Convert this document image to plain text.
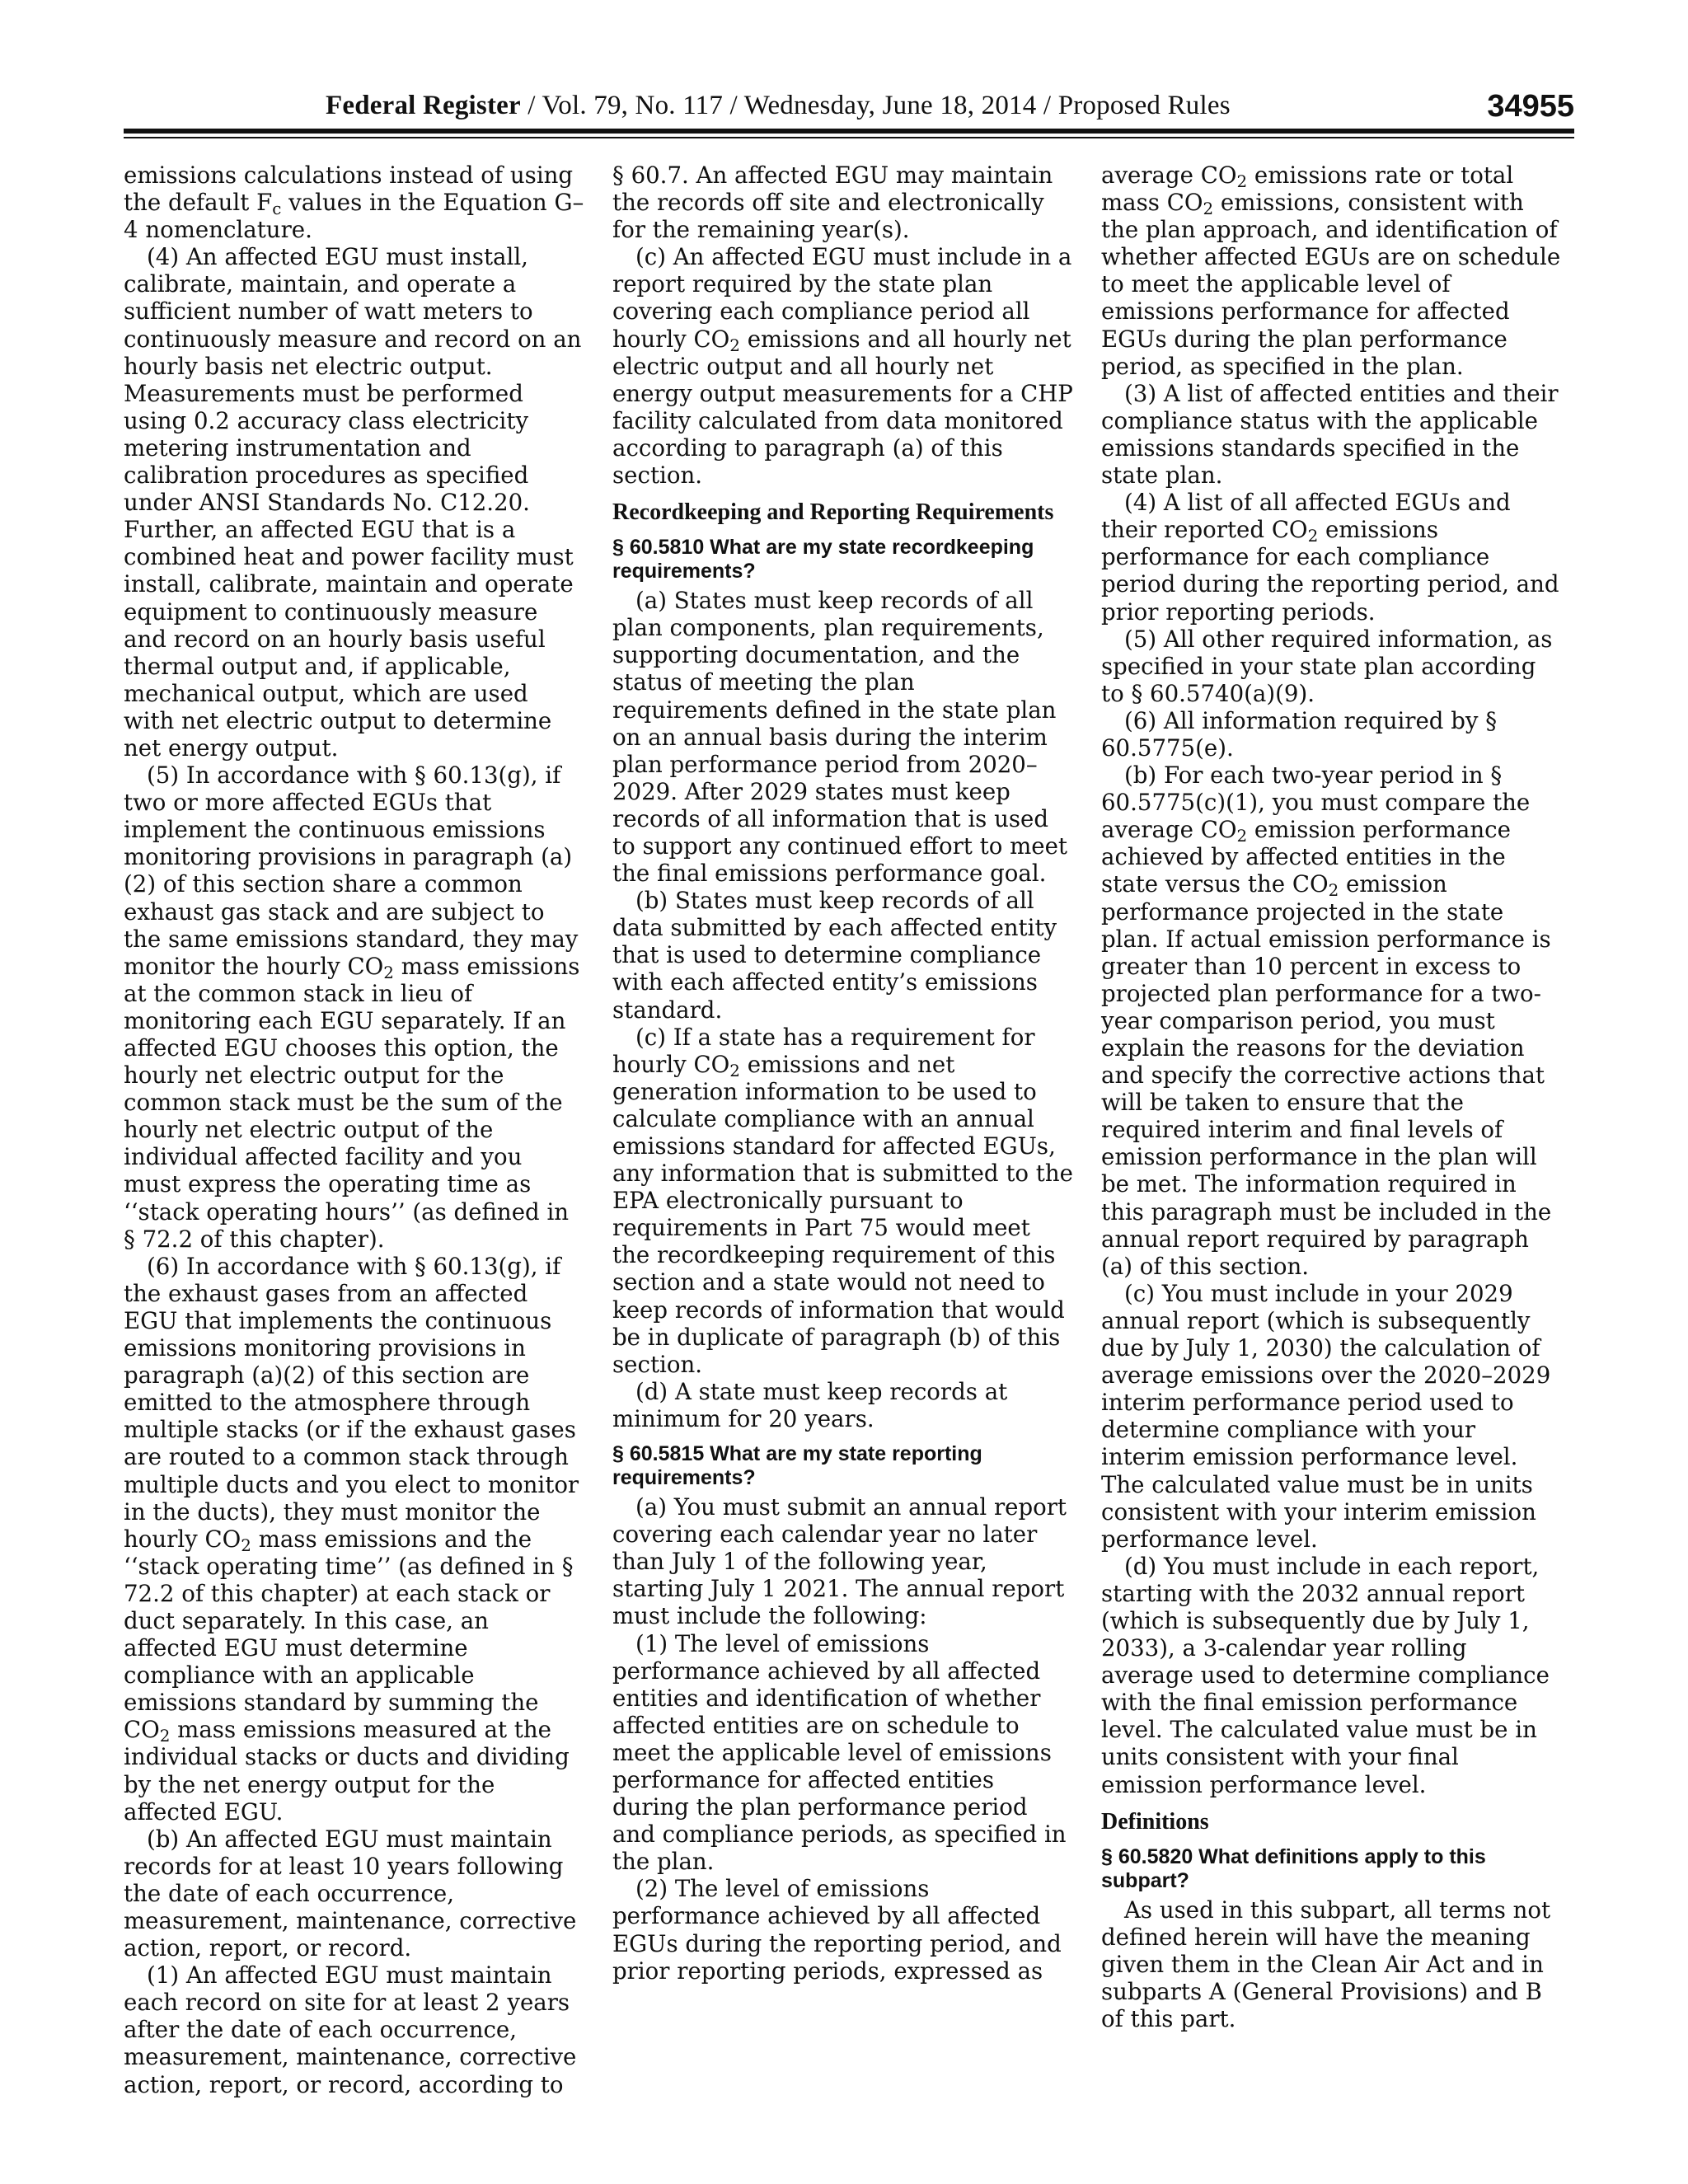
Federal Register / Vol. 79, No. 117 / Wednesday, June 18, 2014 / Proposed Rules	34955

emissions calculations instead of using the default $F_c$ values in the Equation G–4 nomenclature.

(4) An affected EGU must install, calibrate, maintain, and operate a sufficient number of watt meters to continuously measure and record on an hourly basis net electric output. Measurements must be performed using 0.2 accuracy class electricity metering instrumentation and calibration procedures as specified under ANSI Standards No. C12.20. Further, an affected EGU that is a combined heat and power facility must install, calibrate, maintain and operate equipment to continuously measure and record on an hourly basis useful thermal output and, if applicable, mechanical output, which are used with net electric output to determine net energy output.

(5) In accordance with § 60.13(g), if two or more affected EGUs that implement the continuous emissions monitoring provisions in paragraph (a)(2) of this section share a common exhaust gas stack and are subject to the same emissions standard, they may monitor the hourly $CO_2$ mass emissions at the common stack in lieu of monitoring each EGU separately. If an affected EGU chooses this option, the hourly net electric output for the common stack must be the sum of the hourly net electric output of the individual affected facility and you must express the operating time as ‘‘stack operating hours’’ (as defined in § 72.2 of this chapter).

(6) In accordance with § 60.13(g), if the exhaust gases from an affected EGU that implements the continuous emissions monitoring provisions in paragraph (a)(2) of this section are emitted to the atmosphere through multiple stacks (or if the exhaust gases are routed to a common stack through multiple ducts and you elect to monitor in the ducts), they must monitor the hourly $CO_2$ mass emissions and the ‘‘stack operating time’’ (as defined in § 72.2 of this chapter) at each stack or duct separately. In this case, an affected EGU must determine compliance with an applicable emissions standard by summing the $CO_2$ mass emissions measured at the individual stacks or ducts and dividing by the net energy output for the affected EGU.

(b) An affected EGU must maintain records for at least 10 years following the date of each occurrence, measurement, maintenance, corrective action, report, or record.

(1) An affected EGU must maintain each record on site for at least 2 years after the date of each occurrence, measurement, maintenance, corrective action, report, or record, according to

§ 60.7. An affected EGU may maintain the records off site and electronically for the remaining year(s).

(c) An affected EGU must include in a report required by the state plan covering each compliance period all hourly $CO_2$ emissions and all hourly net electric output and all hourly net energy output measurements for a CHP facility calculated from data monitored according to paragraph (a) of this section.

Recordkeeping and Reporting Requirements
§ 60.5810 What are my state recordkeeping requirements?

(a) States must keep records of all plan components, plan requirements, supporting documentation, and the status of meeting the plan requirements defined in the state plan on an annual basis during the interim plan performance period from 2020–2029. After 2029 states must keep records of all information that is used to support any continued effort to meet the final emissions performance goal.

(b) States must keep records of all data submitted by each affected entity that is used to determine compliance with each affected entity’s emissions standard.

(c) If a state has a requirement for hourly $CO_2$ emissions and net generation information to be used to calculate compliance with an annual emissions standard for affected EGUs, any information that is submitted to the EPA electronically pursuant to requirements in Part 75 would meet the recordkeeping requirement of this section and a state would not need to keep records of information that would be in duplicate of paragraph (b) of this section.

(d) A state must keep records at minimum for 20 years.

§ 60.5815 What are my state reporting requirements?

(a) You must submit an annual report covering each calendar year no later than July 1 of the following year, starting July 1 2021. The annual report must include the following:

(1) The level of emissions performance achieved by all affected entities and identification of whether affected entities are on schedule to meet the applicable level of emissions performance for affected entities during the plan performance period and compliance periods, as specified in the plan.

(2) The level of emissions performance achieved by all affected EGUs during the reporting period, and prior reporting periods, expressed as

average $CO_2$ emissions rate or total mass $CO_2$ emissions, consistent with the plan approach, and identification of whether affected EGUs are on schedule to meet the applicable level of emissions performance for affected EGUs during the plan performance period, as specified in the plan.

(3) A list of affected entities and their compliance status with the applicable emissions standards specified in the state plan.

(4) A list of all affected EGUs and their reported $CO_2$ emissions performance for each compliance period during the reporting period, and prior reporting periods.

(5) All other required information, as specified in your state plan according to § 60.5740(a)(9).

(6) All information required by § 60.5775(e).

(b) For each two-year period in § 60.5775(c)(1), you must compare the average $CO_2$ emission performance achieved by affected entities in the state versus the $CO_2$ emission performance projected in the state plan. If actual emission performance is greater than 10 percent in excess to projected plan performance for a two-year comparison period, you must explain the reasons for the deviation and specify the corrective actions that will be taken to ensure that the required interim and final levels of emission performance in the plan will be met. The information required in this paragraph must be included in the annual report required by paragraph (a) of this section.

(c) You must include in your 2029 annual report (which is subsequently due by July 1, 2030) the calculation of average emissions over the 2020–2029 interim performance period used to determine compliance with your interim emission performance level. The calculated value must be in units consistent with your interim emission performance level.

(d) You must include in each report, starting with the 2032 annual report (which is subsequently due by July 1, 2033), a 3-calendar year rolling average used to determine compliance with the final emission performance level. The calculated value must be in units consistent with your final emission performance level.

Definitions
§ 60.5820 What definitions apply to this subpart?

As used in this subpart, all terms not defined herein will have the meaning given them in the Clean Air Act and in subparts A (General Provisions) and B of this part.
